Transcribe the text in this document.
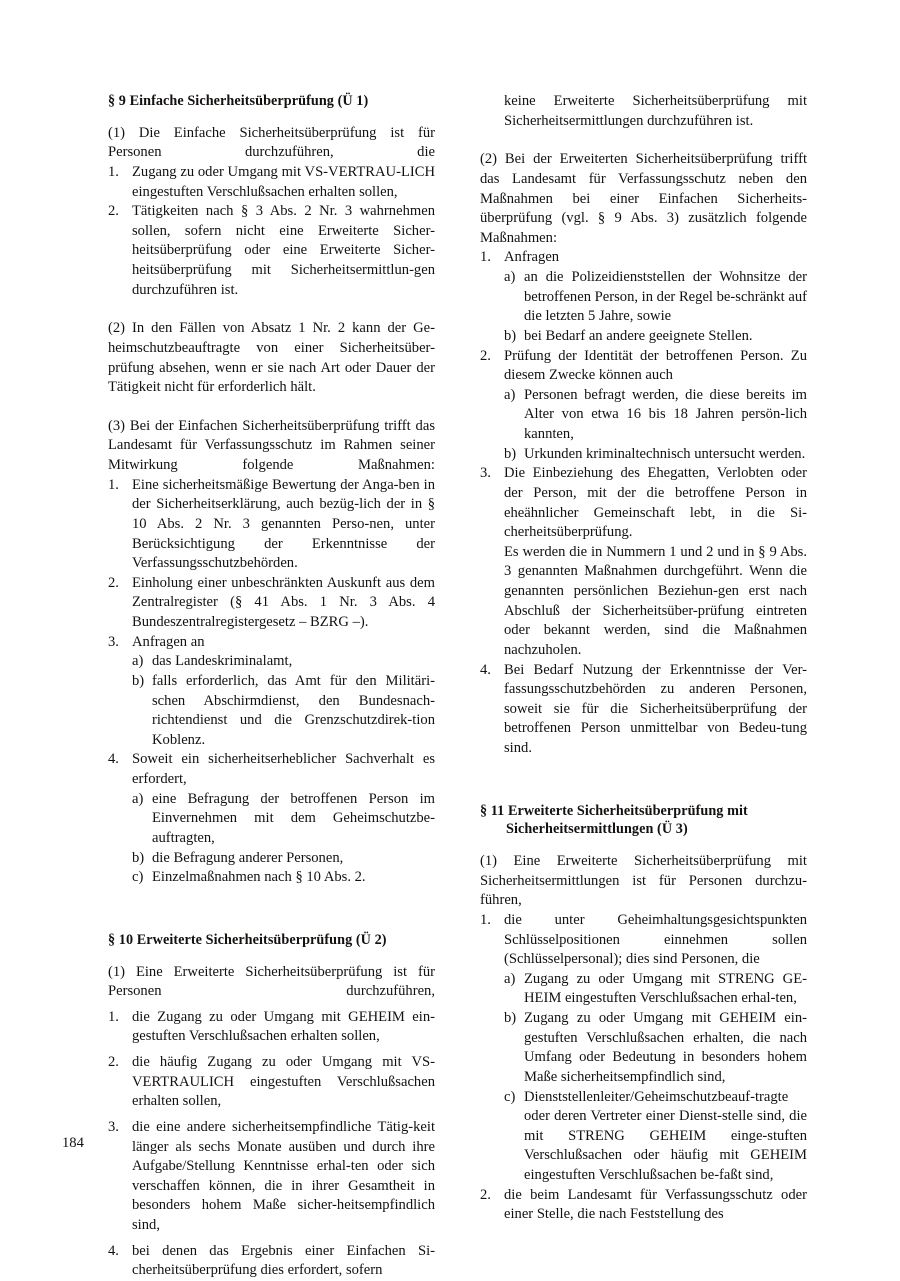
§ 9 Einfache Sicherheitsüberprüfung (Ü 1)

(1) Die Einfache Sicherheitsüberprüfung ist für Personen durchzuführen, die

1. Zugang zu oder Umgang mit VS-VERTRAU-LICH eingestuften Verschlußsachen erhalten sollen,
2. Tätigkeiten nach § 3 Abs. 2 Nr. 3 wahrnehmen sollen, sofern nicht eine Erweiterte Sicher-heitsüberprüfung oder eine Erweiterte Sicher-heitsüberprüfung mit Sicherheitsermittlun-gen durchzuführen ist.

(2) In den Fällen von Absatz 1 Nr. 2 kann der Ge-heimschutzbeauftragte von einer Sicherheitsüber-prüfung absehen, wenn er sie nach Art oder Dauer der Tätigkeit nicht für erforderlich hält.

(3) Bei der Einfachen Sicherheitsüberprüfung trifft das Landesamt für Verfassungsschutz im Rahmen seiner Mitwirkung folgende Maßnahmen:

1. Eine sicherheitsmäßige Bewertung der Anga-ben in der Sicherheitserklärung, auch bezüg-lich der in § 10 Abs. 2 Nr. 3 genannten Perso-nen, unter Berücksichtigung der Erkenntnisse der Verfassungsschutzbehörden.
2. Einholung einer unbeschränkten Auskunft aus dem Zentralregister (§ 41 Abs. 1 Nr. 3 Abs. 4 Bundeszentralregistergesetz – BZRG –).
3. Anfragen an
a) das Landeskriminalamt,
b) falls erforderlich, das Amt für den Militäri-schen Abschirmdienst, den Bundesnach-richtendienst und die Grenzschutzdirek-tion Koblenz.
4. Soweit ein sicherheitserheblicher Sachverhalt es erfordert,
a) eine Befragung der betroffenen Person im Einvernehmen mit dem Geheimschutzbe-auftragten,
b) die Befragung anderer Personen,
c) Einzelmaßnahmen nach § 10 Abs. 2.
§ 10 Erweiterte Sicherheitsüberprüfung (Ü 2)

(1) Eine Erweiterte Sicherheitsüberprüfung ist für Personen durchzuführen,

1. die Zugang zu oder Umgang mit GEHEIM ein-gestuften Verschlußsachen erhalten sollen,
2. die häufig Zugang zu oder Umgang mit VS-VERTRAULICH eingestuften Verschlußsachen erhalten sollen,
3. die eine andere sicherheitsempfindliche Tätig-keit länger als sechs Monate ausüben und durch ihre Aufgabe/Stellung Kenntnisse erhal-ten oder sich verschaffen können, die in ihrer Gesamtheit in besonders hohem Maße sicher-heitsempfindlich sind,
4. bei denen das Ergebnis einer Einfachen Si-cherheitsüberprüfung dies erfordert, sofern
keine Erweiterte Sicherheitsüberprüfung mit Sicherheitsermittlungen durchzuführen ist.

(2) Bei der Erweiterten Sicherheitsüberprüfung trifft das Landesamt für Verfassungsschutz neben den Maßnahmen bei einer Einfachen Sicherheits-überprüfung (vgl. § 9 Abs. 3) zusätzlich folgende Maßnahmen:

1. Anfragen
a) an die Polizeidienststellen der Wohnsitze der betroffenen Person, in der Regel be-schränkt auf die letzten 5 Jahre, sowie
b) bei Bedarf an andere geeignete Stellen.
2. Prüfung der Identität der betroffenen Person. Zu diesem Zwecke können auch
a) Personen befragt werden, die diese bereits im Alter von etwa 16 bis 18 Jahren persön-lich kannten,
b) Urkunden kriminaltechnisch untersucht werden.
3. Die Einbeziehung des Ehegatten, Verlobten oder der Person, mit der die betroffene Person in eheähnlicher Gemeinschaft lebt, in die Si-cherheitsüberprüfung.
Es werden die in Nummern 1 und 2 und in § 9 Abs. 3 genannten Maßnahmen durchgeführt. Wenn die genannten persönlichen Beziehun-gen erst nach Abschluß der Sicherheitsüber-prüfung eintreten oder bekannt werden, sind die Maßnahmen nachzuholen.
4. Bei Bedarf Nutzung der Erkenntnisse der Ver-fassungsschutzbehörden zu anderen Personen, soweit sie für die Sicherheitsüberprüfung der betroffenen Person unmittelbar von Bedeu-tung sind.
§ 11 Erweiterte Sicherheitsüberprüfung mit
Sicherheitsermittlungen (Ü 3)

(1) Eine Erweiterte Sicherheitsüberprüfung mit Sicherheitsermittlungen ist für Personen durchzu-führen,

1. die unter Geheimhaltungsgesichtspunkten Schlüsselpositionen einnehmen sollen (Schlüsselpersonal); dies sind Personen, die
a) Zugang zu oder Umgang mit STRENG GE-HEIM eingestuften Verschlußsachen erhal-ten,
b) Zugang zu oder Umgang mit GEHEIM ein-gestuften Verschlußsachen erhalten, die nach Umfang oder Bedeutung in besonders hohem Maße sicherheitsempfindlich sind,
c) Dienststellenleiter/Geheimschutzbeauf-tragte oder deren Vertreter einer Dienst-stelle sind, die mit STRENG GEHEIM einge-stuften Verschlußsachen oder häufig mit GEHEIM eingestuften Verschlußsachen be-faßt sind,
2. die beim Landesamt für Verfassungsschutz oder einer Stelle, die nach Feststellung des
184
